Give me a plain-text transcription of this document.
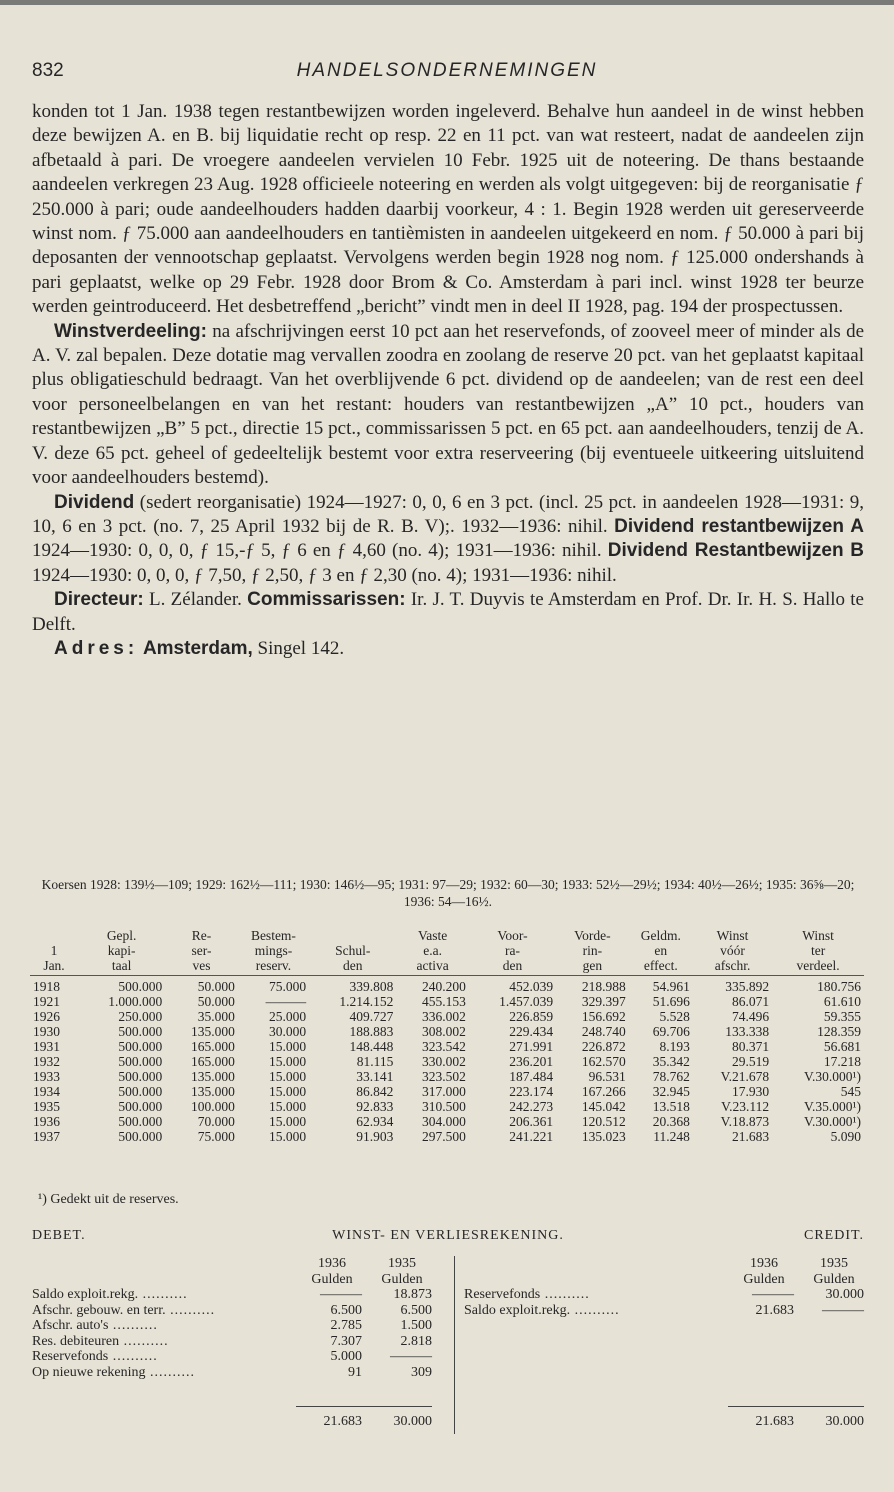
832	HANDELSONDERNEMINGEN
konden tot 1 Jan. 1938 tegen restantbewijzen worden ingeleverd. Behalve hun aandeel in de winst hebben deze bewijzen A. en B. bij liquidatie recht op resp. 22 en 11 pct. van wat resteert, nadat de aandeelen zijn afbetaald à pari. De vroegere aandeelen vervielen 10 Febr. 1925 uit de noteering. De thans bestaande aandeelen verkregen 23 Aug. 1928 officieele noteering en werden als volgt uitgegeven: bij de reorganisatie ƒ 250.000 à pari; oude aandeelhouders hadden daarbij voorkeur, 4 : 1. Begin 1928 werden uit gereserveerde winst nom. ƒ 75.000 aan aandeelhouders en tantièmisten in aandeelen uitgekeerd en nom. ƒ 50.000 à pari bij deposanten der vennootschap geplaatst. Vervolgens werden begin 1928 nog nom. ƒ 125.000 ondershands à pari geplaatst, welke op 29 Febr. 1928 door Brom & Co. Amsterdam à pari incl. winst 1928 ter beurze werden geintroduceerd. Het desbetreffend „bericht” vindt men in deel II 1928, pag. 194 der prospectussen.

Winstverdeeling: na afschrijvingen eerst 10 pct aan het reservefonds, of zooveel meer of minder als de A. V. zal bepalen. Deze dotatie mag vervallen zoodra en zoolang de reserve 20 pct. van het geplaatst kapitaal plus obligatieschuld bedraagt. Van het overblijvende 6 pct. dividend op de aandeelen; van de rest een deel voor personeelbelangen en van het restant: houders van restantbewijzen „A” 10 pct., houders van restantbewijzen „B” 5 pct., directie 15 pct., commissarissen 5 pct. en 65 pct. aan aandeelhouders, tenzij de A. V. deze 65 pct. geheel of gedeeltelijk bestemt voor extra reserveering (bij eventueele uitkeering uitsluitend voor aandeelhouders bestemd).

Dividend (sedert reorganisatie) 1924—1927: 0, 0, 6 en 3 pct. (incl. 25 pct. in aandeelen 1928—1931: 9, 10, 6 en 3 pct. (no. 7, 25 April 1932 bij de R. B. V);. 1932—1936: nihil. Dividend restantbewijzen A 1924—1930: 0, 0, 0, ƒ 15,-ƒ 5, ƒ 6 en ƒ 4,60 (no. 4); 1931—1936: nihil. Dividend Restantbewijzen B 1924—1930: 0, 0, 0, ƒ 7,50, ƒ 2,50, ƒ 3 en ƒ 2,30 (no. 4); 1931—1936: nihil.

Directeur: L. Zélander. Commissarissen: Ir. J. T. Duyvis te Amsterdam en Prof. Dr. Ir. H. S. Hallo te Delft.

Adres: Amsterdam, Singel 142.

Koersen 1928: 139½—109; 1929: 162½—111; 1930: 146½—95; 1931: 97—29; 1932: 60—30; 1933: 52½—29½; 1934: 40½—26½; 1935: 36⅝—20; 1936: 54—16½.
	Gepl.	Re-	Bestem-		Vaste	Voor-	Vorde-	Geldm.	Winst	Winst
1	kapi-	ser-	mings-	Schul-	e.a.	ra-	rin-	en	vóór	ter
Jan.	taal	ves	reserv.	den	activa	den	gen	effect.	afschr.	verdeel.
1918	500.000	50.000	75.000	339.808	240.200	452.039	218.988	54.961	335.892	180.756
1921	1.000.000	50.000	———	1.214.152	455.153	1.457.039	329.397	51.696	86.071	61.610
1926	250.000	35.000	25.000	409.727	336.002	226.859	156.692	5.528	74.496	59.355
1930	500.000	135.000	30.000	188.883	308.002	229.434	248.740	69.706	133.338	128.359
1931	500.000	165.000	15.000	148.448	323.542	271.991	226.872	8.193	80.371	56.681
1932	500.000	165.000	15.000	81.115	330.002	236.201	162.570	35.342	29.519	17.218
1933	500.000	135.000	15.000	33.141	323.502	187.484	96.531	78.762	V.21.678	V.30.000¹)
1934	500.000	135.000	15.000	86.842	317.000	223.174	167.266	32.945	17.930	545
1935	500.000	100.000	15.000	92.833	310.500	242.273	145.042	13.518	V.23.112	V.35.000¹)
1936	500.000	70.000	15.000	62.934	304.000	206.361	120.512	20.368	V.18.873	V.30.000¹)
1937	500.000	75.000	15.000	91.903	297.500	241.221	135.023	11.248	21.683	5.090
¹) Gedekt uit de reserves.
DEBET.	WINST- EN VERLIESREKENING.	CREDIT.
1936	1935
Gulden	Gulden
Saldo exploit.rekg. ..........	———	18.873
Afschr. gebouw. en terr. ..........	6.500	6.500
Afschr. auto's ..........	2.785	1.500
Res. debiteuren ..........	7.307	2.818
Reservefonds ..........	5.000	———
Op nieuwe rekening ..........	91	309
1936	1935
Gulden	Gulden
Reservefonds ..........	———	30.000
Saldo exploit.rekg. ..........	21.683	———
21.683	30.000	21.683	30.000
